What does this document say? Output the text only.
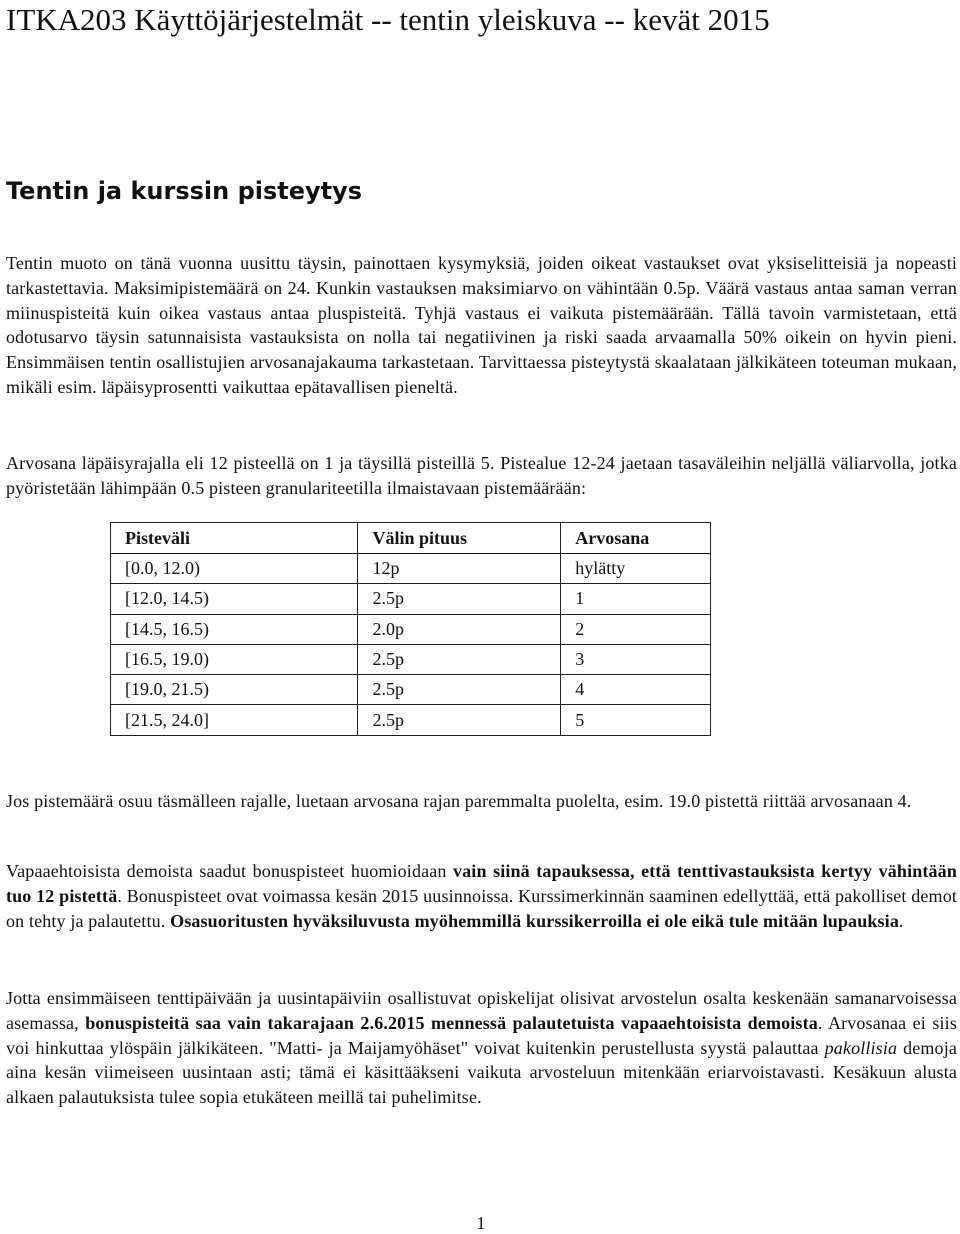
ITKA203 Käyttöjärjestelmät -- tentin yleiskuva -- kevät 2015
Tentin ja kurssin pisteytys

Tentin muoto on tänä vuonna uusittu täysin, painottaen kysymyksiä, joiden oikeat vastaukset ovat yksiselitteisiä ja nopeasti tarkastettavia. Maksimipistemäärä on 24. Kunkin vastauksen maksimiarvo on vähintään 0.5p. Väärä vastaus antaa saman verran miinuspisteitä kuin oikea vastaus antaa pluspisteitä. Tyhjä vastaus ei vaikuta pistemäärään. Tällä tavoin varmistetaan, että odotusarvo täysin satunnaisista vastauksista on nolla tai negatiivinen ja riski saada arvaamalla 50% oikein on hyvin pieni. Ensimmäisen tentin osallistujien arvosanajakauma tarkastetaan. Tarvittaessa pisteytystä skaalataan jälkikäteen toteuman mukaan, mikäli esim. läpäisyprosentti vaikuttaa epätavallisen pieneltä.

Arvosana läpäisyrajalla eli 12 pisteellä on 1 ja täysillä pisteillä 5. Pistealue 12-24 jaetaan tasaväleihin neljällä väliarvolla, jotka pyöristetään lähimpään 0.5 pisteen granulariteetilla ilmaistavaan pistemäärään:

Pisteväli	Välin pituus	Arvosana
[0.0, 12.0)	12p	hylätty
[12.0, 14.5)	2.5p	1
[14.5, 16.5)	2.0p	2
[16.5, 19.0)	2.5p	3
[19.0, 21.5)	2.5p	4
[21.5, 24.0]	2.5p	5

Jos pistemäärä osuu täsmälleen rajalle, luetaan arvosana rajan paremmalta puolelta, esim. 19.0 pistettä riittää arvosanaan 4.

Vapaaehtoisista demoista saadut bonuspisteet huomioidaan vain siinä tapauksessa, että tenttivastauksista kertyy vähintään tuo 12 pistettä. Bonuspisteet ovat voimassa kesän 2015 uusinnoissa. Kurssimerkinnän saaminen edellyttää, että pakolliset demot on tehty ja palautettu. Osasuoritusten hyväksiluvusta myöhemmillä kurssikerroilla ei ole eikä tule mitään lupauksia.

Jotta ensimmäiseen tenttipäivään ja uusintapäiviin osallistuvat opiskelijat olisivat arvostelun osalta keskenään samanarvoisessa asemassa, bonuspisteitä saa vain takarajaan 2.6.2015 mennessä palautetuista vapaaehtoisista demoista. Arvosanaa ei siis voi hinkuttaa ylöspäin jälkikäteen. "Matti- ja Maijamyöhäset" voivat kuitenkin perustellusta syystä palauttaa pakollisia demoja aina kesän viimeiseen uusintaan asti; tämä ei käsittääkseni vaikuta arvosteluun mitenkään eriarvoistavasti. Kesäkuun alusta alkaen palautuksista tulee sopia etukäteen meillä tai puhelimitse.

1
